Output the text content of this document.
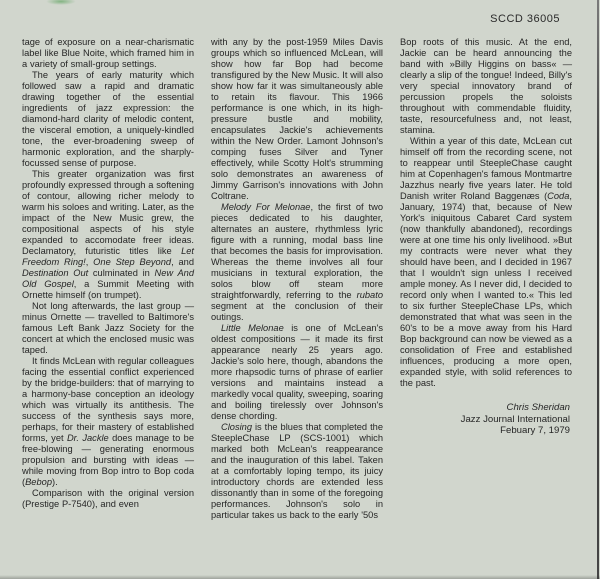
SCCD 36005

tage of exposure on a near-charismatic label like Blue Noite, which framed him in a variety of small-group settings.

The years of early maturity which followed saw a rapid and dramatic drawing together of the essential ingredients of jazz expression: the diamond-hard clarity of melodic content, the visceral emotion, a uniquely-kindled tone, the ever-broadening sweep of harmonic exploration, and the sharply-focussed sense of purpose.

This greater organization was first profoundly expressed through a softening of contour, allowing richer melody to warm his soloes and writing. Later, as the impact of the New Music grew, the compositional aspects of his style expanded to accomodate freer ideas. Declamatory, futuristic titles like Let Freedom Ring!, One Step Beyond, and Destination Out culminated in New And Old Gospel, a Summit Meeting with Ornette himself (on trumpet).

Not long afterwards, the last group — minus Ornette — travelled to Baltimore's famous Left Bank Jazz Society for the concert at which the enclosed music was taped.

It finds McLean with regular colleagues facing the essential conflict experienced by the bridge-builders: that of marrying to a harmony-base conception an ideology which was virtually its antithesis. The success of the synthesis says more, perhaps, for their mastery of established forms, yet Dr. Jackle does manage to be free-blowing — generating enormous propulsion and bursting with ideas — while moving from Bop intro to Bop coda (Bebop).

Comparison with the original version (Prestige P-7540), and even

with any by the post-1959 Miles Davis groups which so influenced McLean, will show how far Bop had become transfigured by the New Music. It will also show how far it was simultaneously able to retain its flavour. This 1966 performance is one which, in its high-pressure bustle and mobility, encapsulates Jackie's achievements within the New Order. Lamont Johnson's comping fuses Silver and Tyner effectively, while Scotty Holt's strumming solo demonstrates an awareness of Jimmy Garrison's innovations with John Coltrane.

Melody For Melonae, the first of two pieces dedicated to his daughter, alternates an austere, rhythmless lyric figure with a running, modal bass line that becomes the basis for improvisation. Whereas the theme involves all four musicians in textural exploration, the solos blow off steam more straightforwardly, referring to the rubato segment at the conclusion of their outings.

Little Melonae is one of McLean's oldest compositions — it made its first appearance nearly 25 years ago. Jackie's solo here, though, abandons the more rhapsodic turns of phrase of earlier versions and maintains instead a markedly vocal quality, sweeping, soaring and boiling tirelessly over Johnson's dense chording.

Closing is the blues that completed the SteepleChase LP (SCS-1001) which marked both McLean's reappearance and the inauguration of this label. Taken at a comfortably loping tempo, its juicy introductory chords are extended less dissonantly than in some of the foregoing performances. Johnson's solo in particular takes us back to the early '50s

Bop roots of this music. At the end, Jackie can be heard announcing the band with »Billy Higgins on bass« — clearly a slip of the tongue! Indeed, Billy's very special innovatory brand of percussion propels the soloists throughout with commendable fluidity, taste, resourcefulness and, not least, stamina.

Within a year of this date, McLean cut himself off from the recording scene, not to reappear until SteepleChase caught him at Copenhagen's famous Montmartre Jazzhus nearly five years later. He told Danish writer Roland Baggenæs (Coda, January, 1974) that, because of New York's iniquitous Cabaret Card system (now thankfully abandoned), recordings were at one time his only livelihood. »But my contracts were never what they should have been, and I decided in 1967 that I wouldn't sign unless I received ample money. As I never did, I decided to record only when I wanted to.« This led to six further SteepleChase LPs, which demonstrated that what was seen in the 60's to be a move away from his Hard Bop background can now be viewed as a consolidation of Free and established influences, producing a more open, expanded style, with solid references to the past.

Chris Sheridan
Jazz Journal International
Febuary 7, 1979
